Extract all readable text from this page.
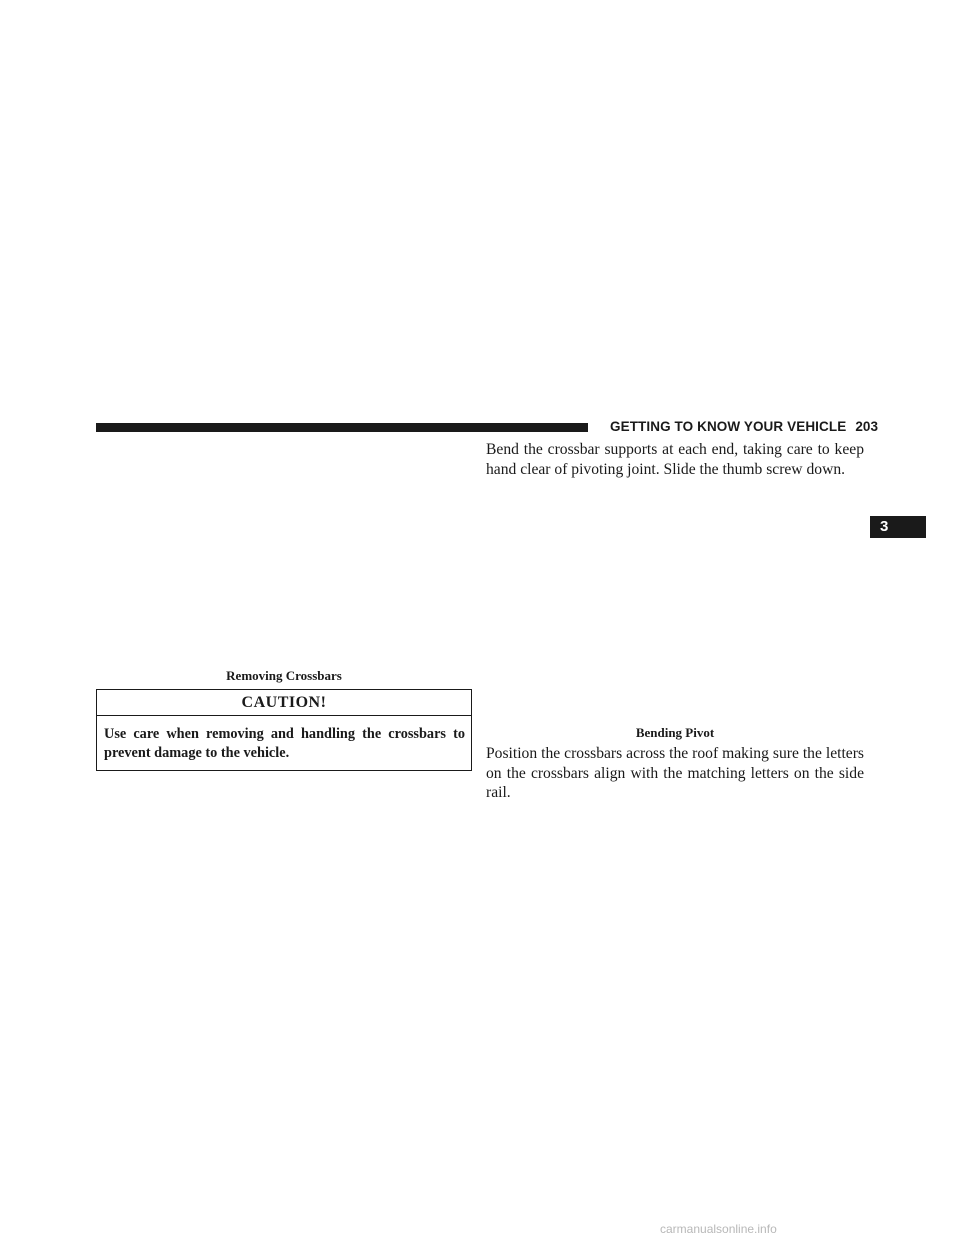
GETTING TO KNOW YOUR VEHICLE 203
3
Removing Crossbars
CAUTION!
Use care when removing and handling the crossbars to prevent damage to the vehicle.
Bend the crossbar supports at each end, taking care to keep hand clear of pivoting joint. Slide the thumb screw down.
Bending Pivot
Position the crossbars across the roof making sure the letters on the crossbars align with the matching letters on the side rail.
carmanualsonline.info
